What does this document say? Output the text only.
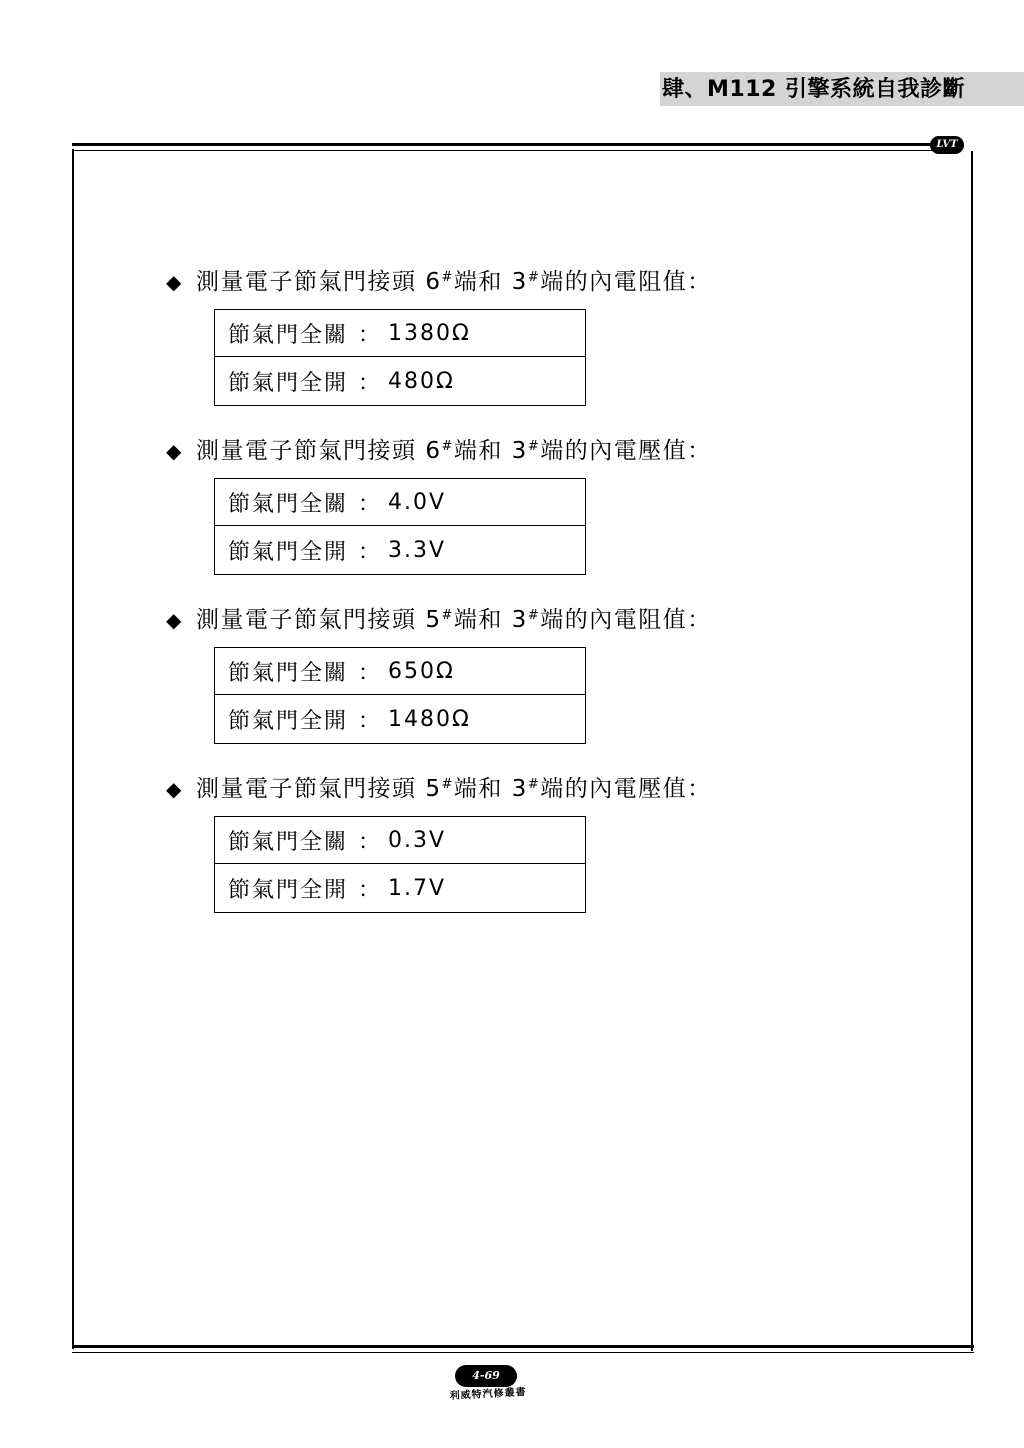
肆、M112 引擎系統自我診斷
LVT
◆ 測量電子節氣門接頭 6#端和 3#端的內電阻值：
節氣門全關 ： 1380Ω
節氣門全開 ： 480Ω
◆ 測量電子節氣門接頭 6#端和 3#端的內電壓值：
節氣門全關 ： 4.0V
節氣門全開 ： 3.3V
◆ 測量電子節氣門接頭 5#端和 3#端的內電阻值：
節氣門全關 ： 650Ω
節氣門全開 ： 1480Ω
◆ 測量電子節氣門接頭 5#端和 3#端的內電壓值：
節氣門全關 ： 0.3V
節氣門全開 ： 1.7V
4-69
利威特汽修叢書
